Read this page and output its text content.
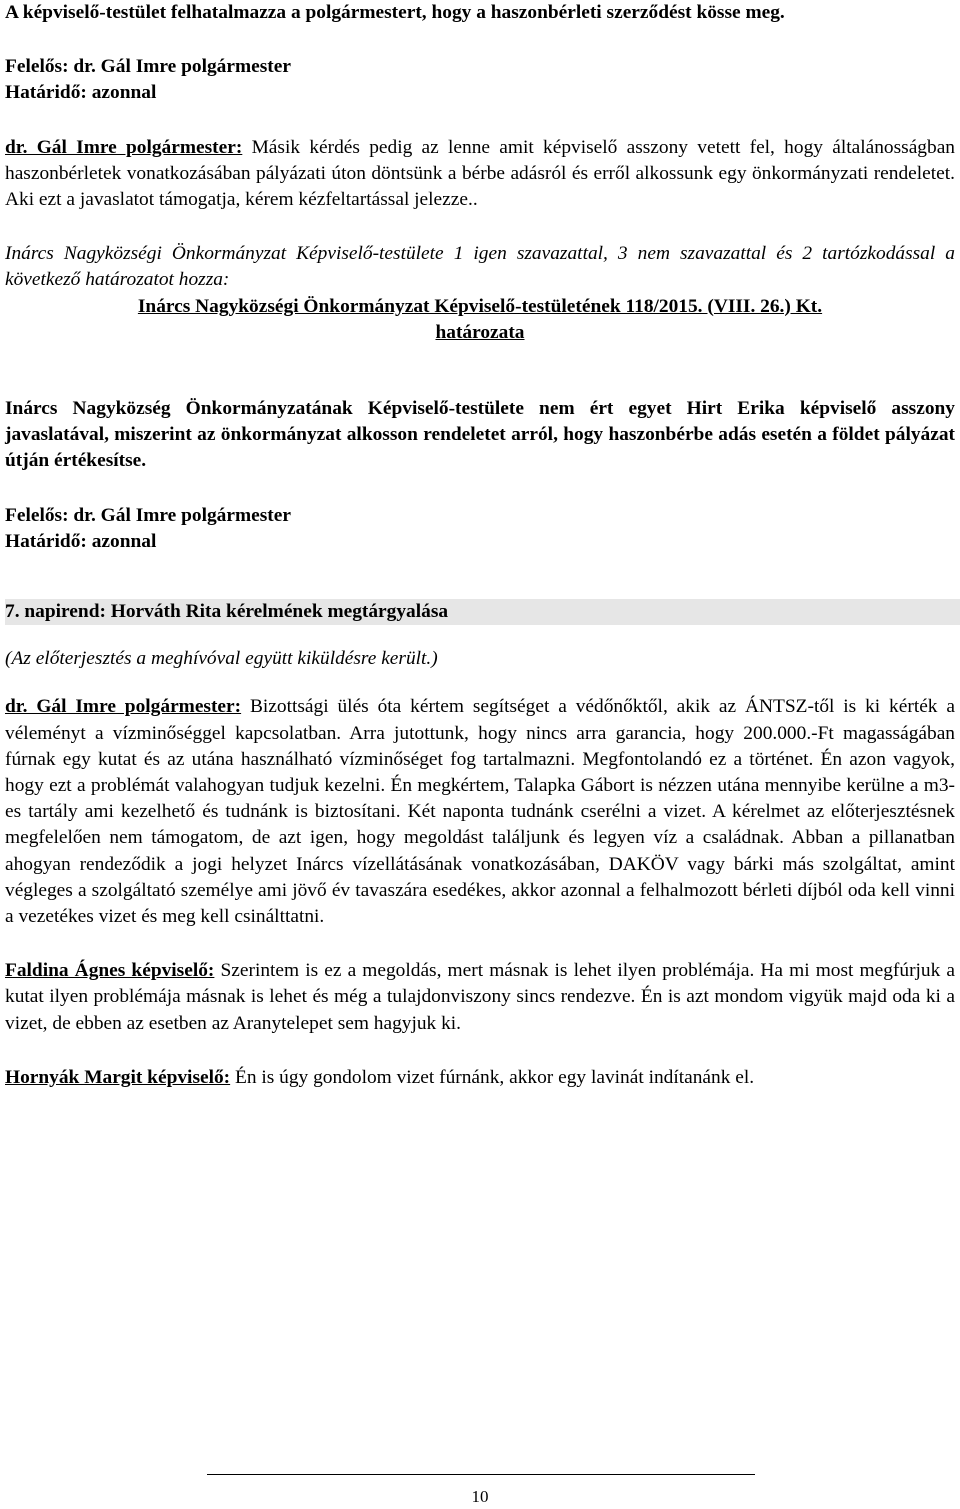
A képviselő-testület felhatalmazza a polgármestert, hogy a haszonbérleti szerződést kösse meg.

Felelős: dr. Gál Imre polgármester

Határidő: azonnal

dr. Gál Imre polgármester: Másik kérdés pedig az lenne amit képviselő asszony vetett fel, hogy általánosságban haszonbérletek vonatkozásában pályázati úton döntsünk a bérbe adásról és erről alkossunk egy önkormányzati rendeletet. Aki ezt a javaslatot támogatja, kérem kézfeltartással jelezze..

Inárcs Nagyközségi Önkormányzat Képviselő-testülete 1 igen szavazattal, 3 nem szavazattal és 2 tartózkodással a következő határozatot hozza:

Inárcs Nagyközségi Önkormányzat Képviselő-testületének 118/2015. (VIII. 26.) Kt.

határozata

Inárcs Nagyközség Önkormányzatának Képviselő-testülete nem ért egyet Hirt Erika képviselő asszony javaslatával, miszerint az önkormányzat alkosson rendeletet arról, hogy haszonbérbe adás esetén a földet pályázat útján értékesítse.

Felelős: dr. Gál Imre polgármester

Határidő: azonnal

7. napirend: Horváth Rita kérelmének megtárgyalása

(Az előterjesztés a meghívóval együtt kiküldésre került.)

dr. Gál Imre polgármester: Bizottsági ülés óta kértem segítséget a védőnőktől, akik az ÁNTSZ-től is ki kérték a véleményt a vízminőséggel kapcsolatban. Arra jutottunk, hogy nincs arra garancia, hogy 200.000.-Ft magasságában fúrnak egy kutat és az utána használható vízminőséget fog tartalmazni. Megfontolandó ez a történet. Én azon vagyok, hogy ezt a problémát valahogyan tudjuk kezelni. Én megkértem, Talapka Gábort is nézzen utána mennyibe kerülne a m3-es tartály ami kezelhető és tudnánk is biztosítani. Két naponta tudnánk cserélni a vizet. A kérelmet az előterjesztésnek megfelelően nem támogatom, de azt igen, hogy megoldást találjunk és legyen víz a családnak. Abban a pillanatban ahogyan rendeződik a jogi helyzet Inárcs vízellátásának vonatkozásában, DAKÖV vagy bárki más szolgáltat, amint végleges a szolgáltató személye ami jövő év tavaszára esedékes, akkor azonnal a felhalmozott bérleti díjból oda kell vinni a vezetékes vizet és meg kell csinálttatni.

Faldina Ágnes képviselő: Szerintem is ez a megoldás, mert másnak is lehet ilyen problémája. Ha mi most megfúrjuk a kutat ilyen problémája másnak is lehet és még a tulajdonviszony sincs rendezve. Én is azt mondom vigyük majd oda ki a vizet, de ebben az esetben az Aranytelepet sem hagyjuk ki.

Hornyák Margit képviselő: Én is úgy gondolom vizet fúrnánk, akkor egy lavinát indítanánk el.

10
